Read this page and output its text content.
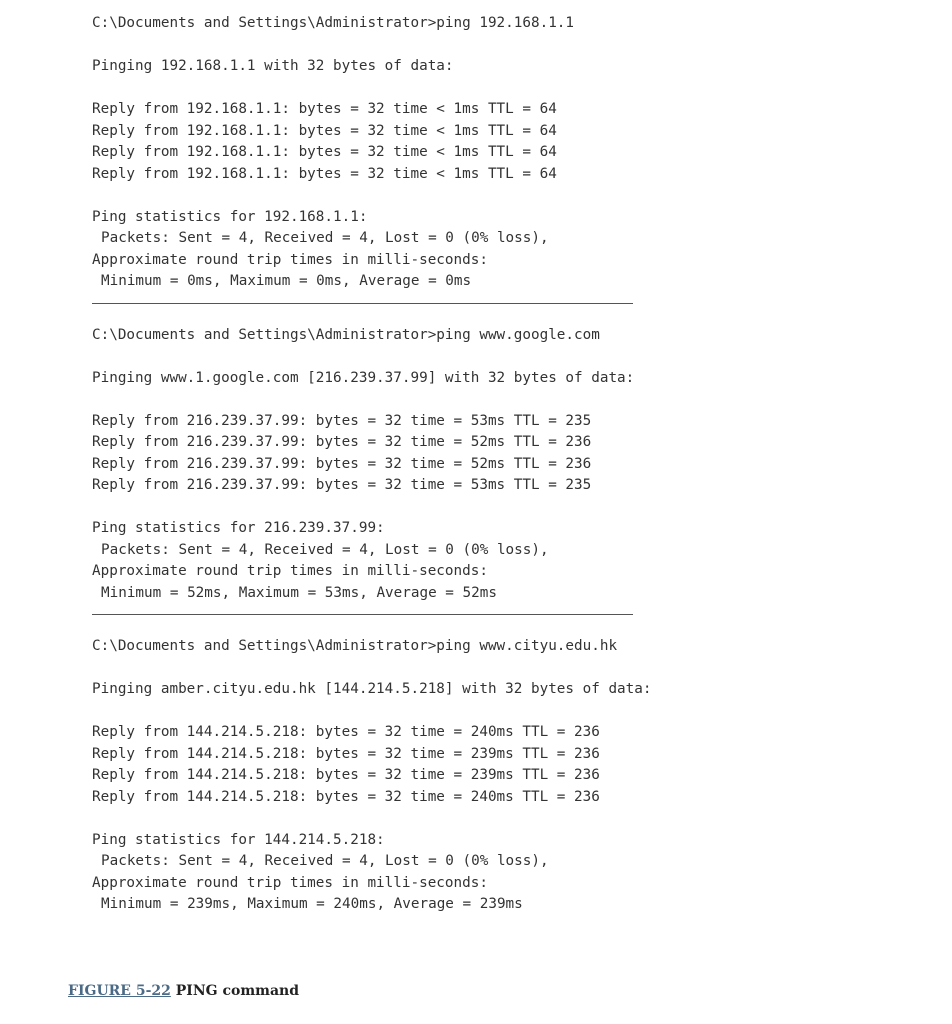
C:\Documents and Settings\Administrator>ping 192.168.1.1
Pinging 192.168.1.1 with 32 bytes of data:
Reply from 192.168.1.1: bytes = 32 time < 1ms TTL = 64
Reply from 192.168.1.1: bytes = 32 time < 1ms TTL = 64
Reply from 192.168.1.1: bytes = 32 time < 1ms TTL = 64
Reply from 192.168.1.1: bytes = 32 time < 1ms TTL = 64
Ping statistics for 192.168.1.1:
Packets: Sent = 4, Received = 4, Lost = 0 (0% loss),
Approximate round trip times in milli-seconds:
Minimum = 0ms, Maximum = 0ms, Average = 0ms
C:\Documents and Settings\Administrator>ping www.google.com
Pinging www.1.google.com [216.239.37.99] with 32 bytes of data:
Reply from 216.239.37.99: bytes = 32 time = 53ms TTL = 235
Reply from 216.239.37.99: bytes = 32 time = 52ms TTL = 236
Reply from 216.239.37.99: bytes = 32 time = 52ms TTL = 236
Reply from 216.239.37.99: bytes = 32 time = 53ms TTL = 235
Ping statistics for 216.239.37.99:
Packets: Sent = 4, Received = 4, Lost = 0 (0% loss),
Approximate round trip times in milli-seconds:
Minimum = 52ms, Maximum = 53ms, Average = 52ms
C:\Documents and Settings\Administrator>ping www.cityu.edu.hk
Pinging amber.cityu.edu.hk [144.214.5.218] with 32 bytes of data:
Reply from 144.214.5.218: bytes = 32 time = 240ms TTL = 236
Reply from 144.214.5.218: bytes = 32 time = 239ms TTL = 236
Reply from 144.214.5.218: bytes = 32 time = 239ms TTL = 236
Reply from 144.214.5.218: bytes = 32 time = 240ms TTL = 236
Ping statistics for 144.214.5.218:
Packets: Sent = 4, Received = 4, Lost = 0 (0% loss),
Approximate round trip times in milli-seconds:
Minimum = 239ms, Maximum = 240ms, Average = 239ms
FIGURE 5-22 PING command
